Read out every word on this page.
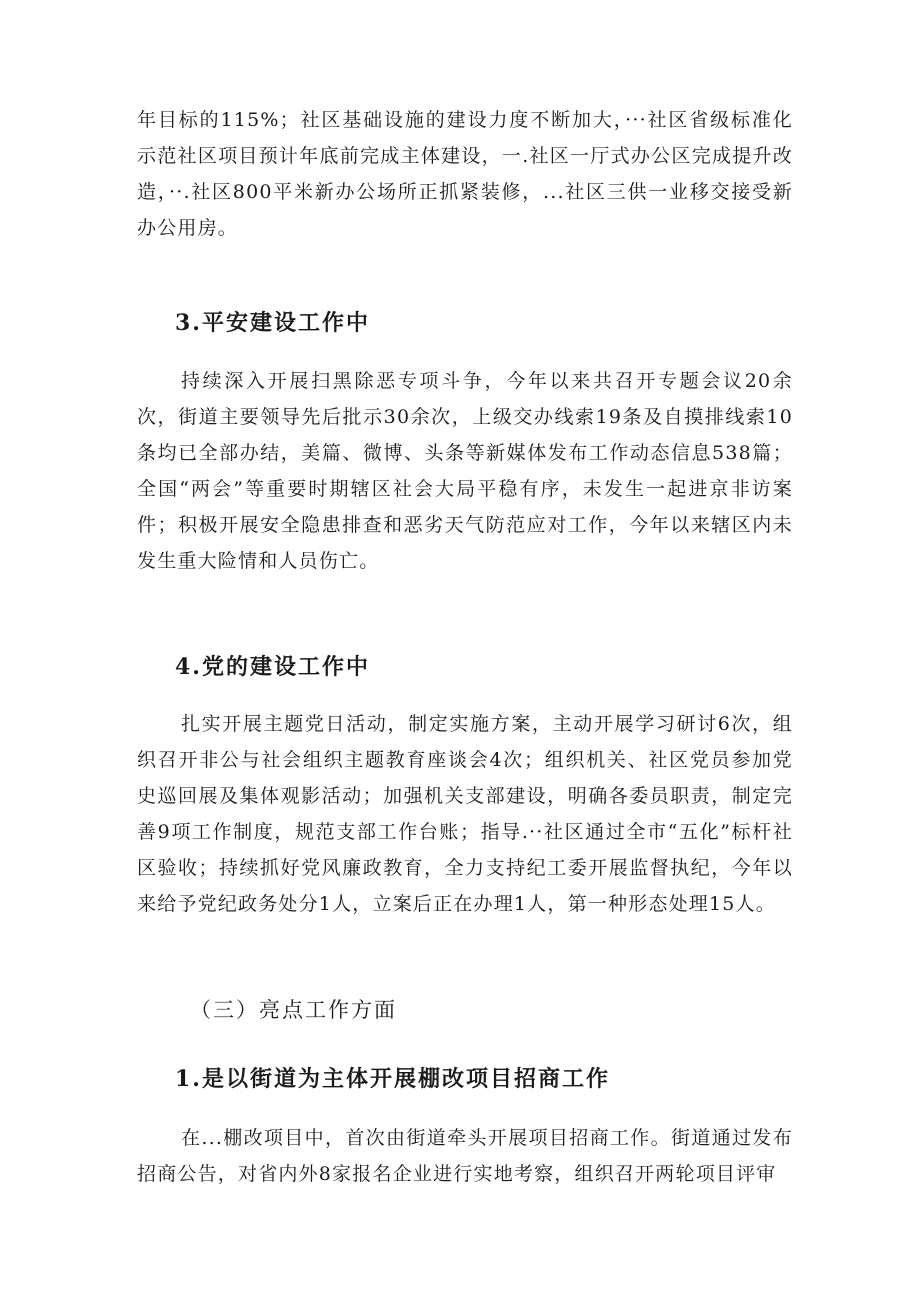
年目标的115%；社区基础设施的建设力度不断加大，···社区省级标准化示范社区项目预计年底前完成主体建设，一.社区一厅式办公区完成提升改造，··.社区800平米新办公场所正抓紧装修，...社区三供一业移交接受新办公用房。

3.平安建设工作中

持续深入开展扫黑除恶专项斗争，今年以来共召开专题会议20余次，街道主要领导先后批示30余次，上级交办线索19条及自摸排线索10条均已全部办结，美篇、微博、头条等新媒体发布工作动态信息538篇；全国“两会”等重要时期辖区社会大局平稳有序，未发生一起进京非访案件；积极开展安全隐患排查和恶劣天气防范应对工作，今年以来辖区内未发生重大险情和人员伤亡。

4.党的建设工作中

扎实开展主题党日活动，制定实施方案，主动开展学习研讨6次，组织召开非公与社会组织主题教育座谈会4次；组织机关、社区党员参加党史巡回展及集体观影活动；加强机关支部建设，明确各委员职责，制定完善9项工作制度，规范支部工作台账；指导.··社区通过全市“五化”标杆社区验收；持续抓好党风廉政教育，全力支持纪工委开展监督执纪，今年以来给予党纪政务处分1人，立案后正在办理1人，第一种形态处理15人。

（三）亮点工作方面
1.是以街道为主体开展棚改项目招商工作

在...棚改项目中，首次由街道牵头开展项目招商工作。街道通过发布招商公告，对省内外8家报名企业进行实地考察，组织召开两轮项目评审
